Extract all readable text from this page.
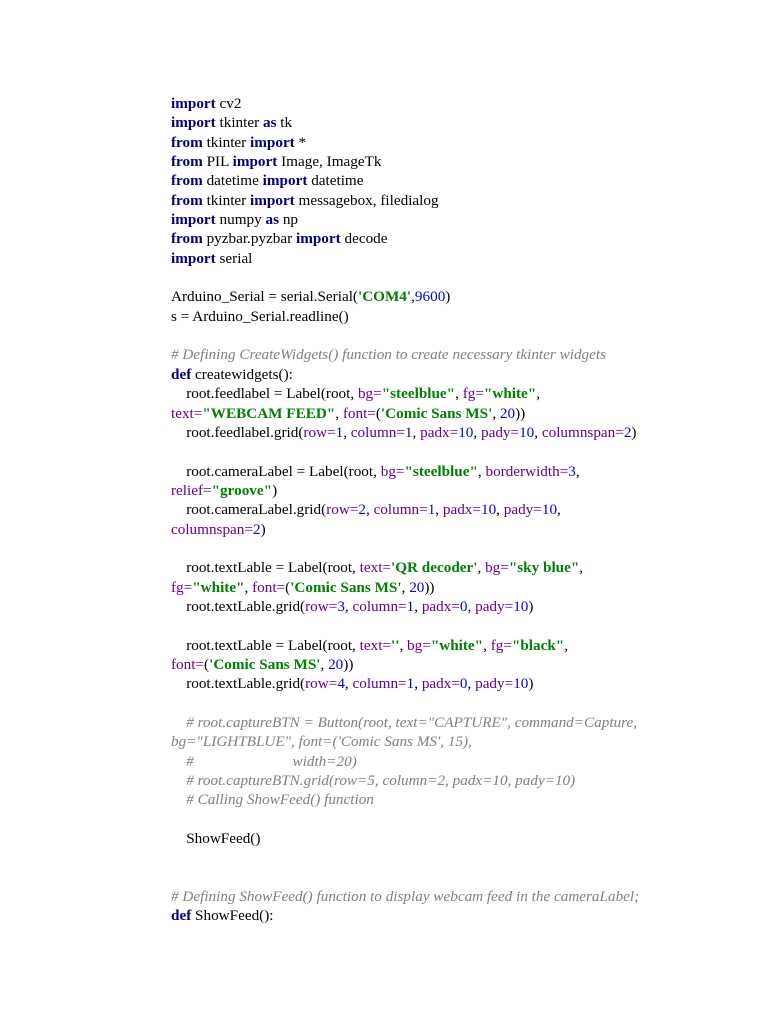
import cv2
import tkinter as tk
from tkinter import *
from PIL import Image, ImageTk
from datetime import datetime
from tkinter import messagebox, filedialog
import numpy as np
from pyzbar.pyzbar import decode
import serial
Arduino_Serial = serial.Serial('COM4',9600)
s = Arduino_Serial.readline()
# Defining CreateWidgets() function to create necessary tkinter widgets
def createwidgets():
root.feedlabel = Label(root, bg="steelblue", fg="white",
text="WEBCAM FEED", font=('Comic Sans MS', 20))
root.feedlabel.grid(row=1, column=1, padx=10, pady=10, columnspan=2)
root.cameraLabel = Label(root, bg="steelblue", borderwidth=3,
relief="groove")
root.cameraLabel.grid(row=2, column=1, padx=10, pady=10,
columnspan=2)
root.textLable = Label(root, text='QR decoder', bg="sky blue",
fg="white", font=('Comic Sans MS', 20))
root.textLable.grid(row=3, column=1, padx=0, pady=10)
root.textLable = Label(root, text='', bg="white", fg="black",
font=('Comic Sans MS', 20))
root.textLable.grid(row=4, column=1, padx=0, pady=10)
# root.captureBTN = Button(root, text="CAPTURE", command=Capture,
bg="LIGHTBLUE", font=('Comic Sans MS', 15),
#                          width=20)
# root.captureBTN.grid(row=5, column=2, padx=10, pady=10)
# Calling ShowFeed() function
ShowFeed()
# Defining ShowFeed() function to display webcam feed in the cameraLabel;
def ShowFeed():
